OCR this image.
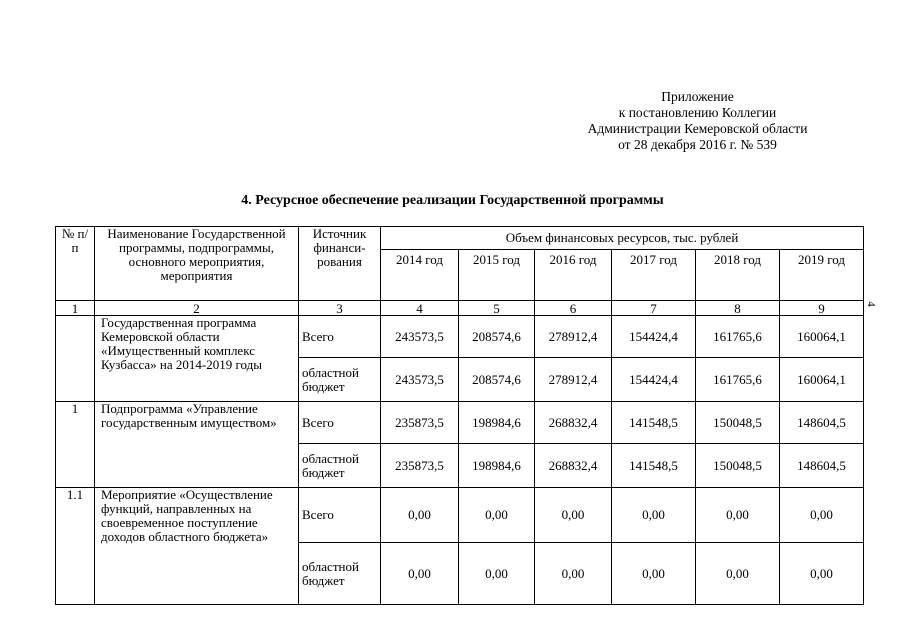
Приложение
к постановлению Коллегии
Администрации Кемеровской области
от 28 декабря 2016 г. № 539
4. Ресурсное обеспечение реализации Государственной программы
4
№ п/п	Наименование Государственной программы, подпрограммы, основного мероприятия, мероприятия	Источник финанси-рования	Объем финансовых ресурсов, тыс. рублей					
			2014 год	2015 год	2016 год	2017 год	2018 год	2019 год
1	2	3	4	5	6	7	8	9
	Государственная программа Кемеровской области «Имущественный комплекс Кузбасса» на 2014-2019 годы	Всего	243573,5	208574,6	278912,4	154424,4	161765,6	160064,1
		областной бюджет	243573,5	208574,6	278912,4	154424,4	161765,6	160064,1
1	Подпрограмма «Управление государственным имуществом»	Всего	235873,5	198984,6	268832,4	141548,5	150048,5	148604,5
		областной бюджет	235873,5	198984,6	268832,4	141548,5	150048,5	148604,5
1.1	Мероприятие «Осуществление функций, направленных на своевременное поступление доходов областного бюджета»	Всего	0,00	0,00	0,00	0,00	0,00	0,00
		областной бюджет	0,00	0,00	0,00	0,00	0,00	0,00
